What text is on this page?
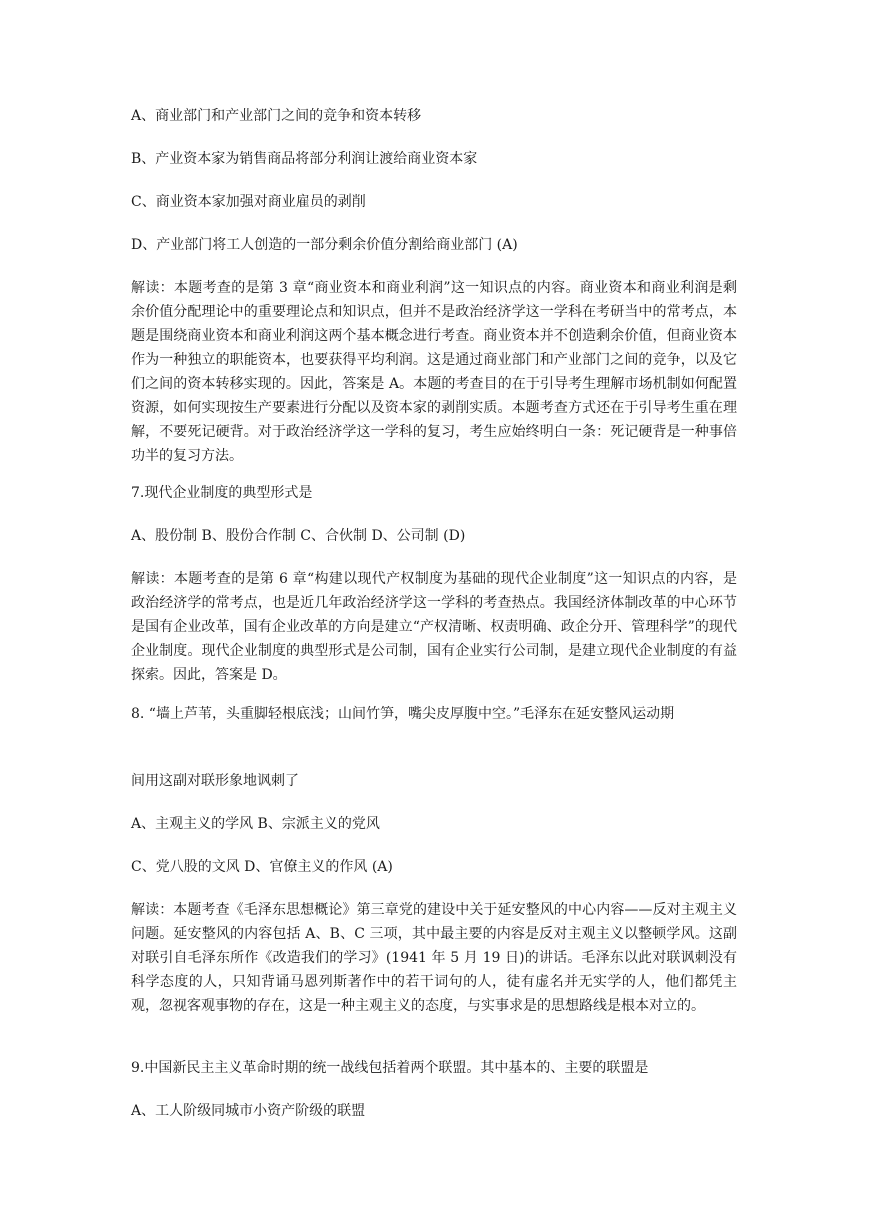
A、商业部门和产业部门之间的竞争和资本转移

B、产业资本家为销售商品将部分利润让渡给商业资本家

C、商业资本家加强对商业雇员的剥削

D、产业部门将工人创造的一部分剩余价值分割给商业部门 (A)

解读：本题考查的是第 3 章“商业资本和商业利润”这一知识点的内容。商业资本和商业利润是剩余价值分配理论中的重要理论点和知识点，但并不是政治经济学这一学科在考研当中的常考点，本题是围绕商业资本和商业利润这两个基本概念进行考查。商业资本并不创造剩余价值，但商业资本作为一种独立的职能资本，也要获得平均利润。这是通过商业部门和产业部门之间的竞争，以及它们之间的资本转移实现的。因此，答案是 A。本题的考查目的在于引导考生理解市场机制如何配置资源，如何实现按生产要素进行分配以及资本家的剥削实质。本题考查方式还在于引导考生重在理解，不要死记硬背。对于政治经济学这一学科的复习，考生应始终明白一条：死记硬背是一种事倍功半的复习方法。

7.现代企业制度的典型形式是

A、股份制 B、股份合作制 C、合伙制 D、公司制 (D)

解读：本题考查的是第 6 章“构建以现代产权制度为基础的现代企业制度”这一知识点的内容，是政治经济学的常考点，也是近几年政治经济学这一学科的考查热点。我国经济体制改革的中心环节是国有企业改革，国有企业改革的方向是建立“产权清晰、权责明确、政企分开、管理科学”的现代企业制度。现代企业制度的典型形式是公司制，国有企业实行公司制，是建立现代企业制度的有益探索。因此，答案是 D。

8. “墙上芦苇，头重脚轻根底浅；山间竹笋，嘴尖皮厚腹中空。”毛泽东在延安整风运动期

间用这副对联形象地讽刺了

A、主观主义的学风 B、宗派主义的党风

C、党八股的文风 D、官僚主义的作风 (A)

解读：本题考查《毛泽东思想概论》第三章党的建设中关于延安整风的中心内容——反对主观主义问题。延安整风的内容包括 A、B、C 三项，其中最主要的内容是反对主观主义以整顿学风。这副对联引自毛泽东所作《改造我们的学习》(1941 年 5 月 19 日)的讲话。毛泽东以此对联讽刺没有科学态度的人，只知背诵马恩列斯著作中的若干词句的人，徒有虚名并无实学的人，他们都凭主观，忽视客观事物的存在，这是一种主观主义的态度，与实事求是的思想路线是根本对立的。

9.中国新民主主义革命时期的统一战线包括着两个联盟。其中基本的、主要的联盟是

A、工人阶级同城市小资产阶级的联盟
